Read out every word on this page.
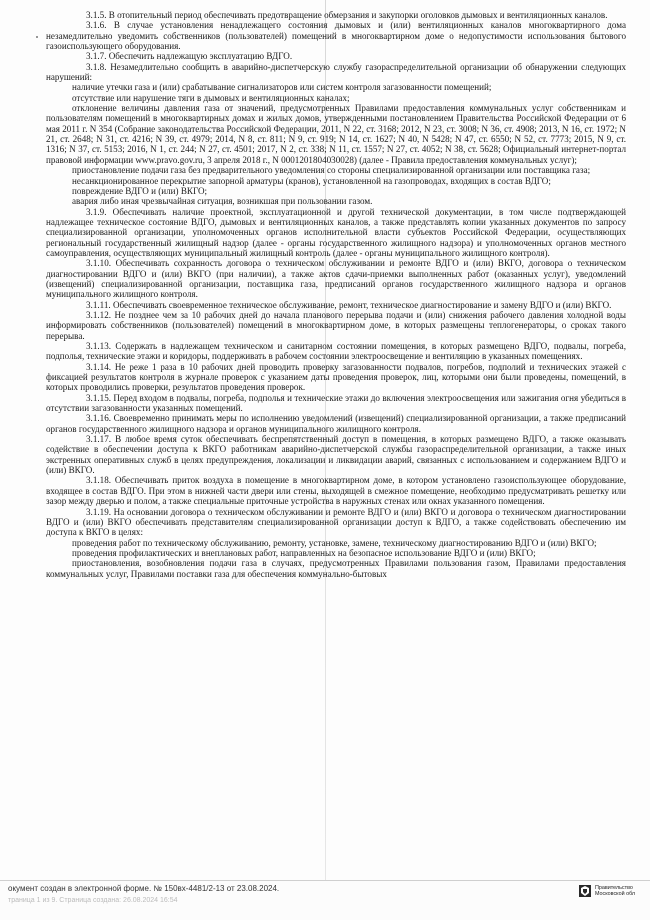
3.1.5. В отопительный период обеспечивать предотвращение обмерзания и закупорки оголовков дымовых и вентиляционных каналов.

3.1.6. В случае установления ненадлежащего состояния дымовых и (или) вентиляционных каналов многоквартирного дома незамедлительно уведомить собственников (пользователей) помещений в многоквартирном доме о недопустимости использования бытового газоиспользующего оборудования.

3.1.7. Обеспечить надлежащую эксплуатацию ВДГО.

3.1.8. Незамедлительно сообщить в аварийно-диспетчерскую службу газораспределительной организации об обнаружении следующих нарушений:

наличие утечки газа и (или) срабатывание сигнализаторов или систем контроля загазованности помещений;

отсутствие или нарушение тяги в дымовых и вентиляционных каналах;

отклонение величины давления газа от значений, предусмотренных Правилами предоставления коммунальных услуг собственникам и пользователям помещений в многоквартирных домах и жилых домов, утвержденными постановлением Правительства Российской Федерации от 6 мая 2011 г. N 354 (Собрание законодательства Российской Федерации, 2011, N 22, ст. 3168; 2012, N 23, ст. 3008; N 36, ст. 4908; 2013, N 16, ст. 1972; N 21, ст. 2648; N 31, ст. 4216; N 39, ст. 4979; 2014, N 8, ст. 811; N 9, ст. 919; N 14, ст. 1627; N 40, N 5428; N 47, ст. 6550; N 52, ст. 7773; 2015, N 9, ст. 1316; N 37, ст. 5153; 2016, N 1, ст. 244; N 27, ст. 4501; 2017, N 2, ст. 338; N 11, ст. 1557; N 27, ст. 4052; N 38, ст. 5628; Официальный интернет-портал правовой информации www.pravo.gov.ru, 3 апреля 2018 г., N 0001201804030028) (далее - Правила предоставления коммунальных услуг);

приостановление подачи газа без предварительного уведомления со стороны специализированной организации или поставщика газа;

несанкционированное перекрытие запорной арматуры (кранов), установленной на газопроводах, входящих в состав ВДГО;

повреждение ВДГО и (или) ВКГО;

авария либо иная чрезвычайная ситуация, возникшая при пользовании газом.

3.1.9. Обеспечивать наличие проектной, эксплуатационной и другой технической документации, в том числе подтверждающей надлежащее техническое состояние ВДГО, дымовых и вентиляционных каналов, а также представлять копии указанных документов по запросу специализированной организации, уполномоченных органов исполнительной власти субъектов Российской Федерации, осуществляющих региональный государственный жилищный надзор (далее - органы государственного жилищного надзора) и уполномоченных органов местного самоуправления, осуществляющих муниципальный жилищный контроль (далее - органы муниципального жилищного контроля).

3.1.10. Обеспечивать сохранность договора о техническом обслуживании и ремонте ВДГО и (или) ВКГО, договора о техническом диагностировании ВДГО и (или) ВКГО (при наличии), а также актов сдачи-приемки выполненных работ (оказанных услуг), уведомлений (извещений) специализированной организации, поставщика газа, предписаний органов государственного жилищного надзора и органов муниципального жилищного контроля.

3.1.11. Обеспечивать своевременное техническое обслуживание, ремонт, техническое диагностирование и замену ВДГО и (или) ВКГО.

3.1.12. Не позднее чем за 10 рабочих дней до начала планового перерыва подачи и (или) снижения рабочего давления холодной воды информировать собственников (пользователей) помещений в многоквартирном доме, в которых размещены теплогенераторы, о сроках такого перерыва.

3.1.13. Содержать в надлежащем техническом и санитарном состоянии помещения, в которых размещено ВДГО, подвалы, погреба, подполья, технические этажи и коридоры, поддерживать в рабочем состоянии электроосвещение и вентиляцию в указанных помещениях.

3.1.14. Не реже 1 раза в 10 рабочих дней проводить проверку загазованности подвалов, погребов, подполий и технических этажей с фиксацией результатов контроля в журнале проверок с указанием даты проведения проверок, лиц, которыми они были проведены, помещений, в которых проводились проверки, результатов проведения проверок.

3.1.15. Перед входом в подвалы, погреба, подполья и технические этажи до включения электроосвещения или зажигания огня убедиться в отсутствии загазованности указанных помещений.

3.1.16. Своевременно принимать меры по исполнению уведомлений (извещений) специализированной организации, а также предписаний органов государственного жилищного надзора и органов муниципального жилищного контроля.

3.1.17. В любое время суток обеспечивать беспрепятственный доступ в помещения, в которых размещено ВДГО, а также оказывать содействие в обеспечении доступа к ВКГО работникам аварийно-диспетчерской службы газораспределительной организации, а также иных экстренных оперативных служб в целях предупреждения, локализации и ликвидации аварий, связанных с использованием и содержанием ВДГО и (или) ВКГО.

3.1.18. Обеспечивать приток воздуха в помещение в многоквартирном доме, в котором установлено газоиспользующее оборудование, входящее в состав ВДГО. При этом в нижней части двери или стены, выходящей в смежное помещение, необходимо предусматривать решетку или зазор между дверью и полом, а также специальные приточные устройства в наружных стенах или окнах указанного помещения.

3.1.19. На основании договора о техническом обслуживании и ремонте ВДГО и (или) ВКГО и договора о техническом диагностировании ВДГО и (или) ВКГО обеспечивать представителям специализированной организации доступ к ВДГО, а также содействовать обеспечению им доступа к ВКГО в целях:

проведения работ по техническому обслуживанию, ремонту, установке, замене, техническому диагностированию ВДГО и (или) ВКГО;

проведения профилактических и внеплановых работ, направленных на безопасное использование ВДГО и (или) ВКГО;

приостановления, возобновления подачи газа в случаях, предусмотренных Правилами пользования газом, Правилами предоставления коммунальных услуг, Правилами поставки газа для обеспечения коммунально-бытовых

окумент создан в электронной форме. № 150вх-4481/2-13 от 23.08.2024.
траница 1 из 9. Страница создана: 26.08.2024 16:54
Правительство Московской обл
